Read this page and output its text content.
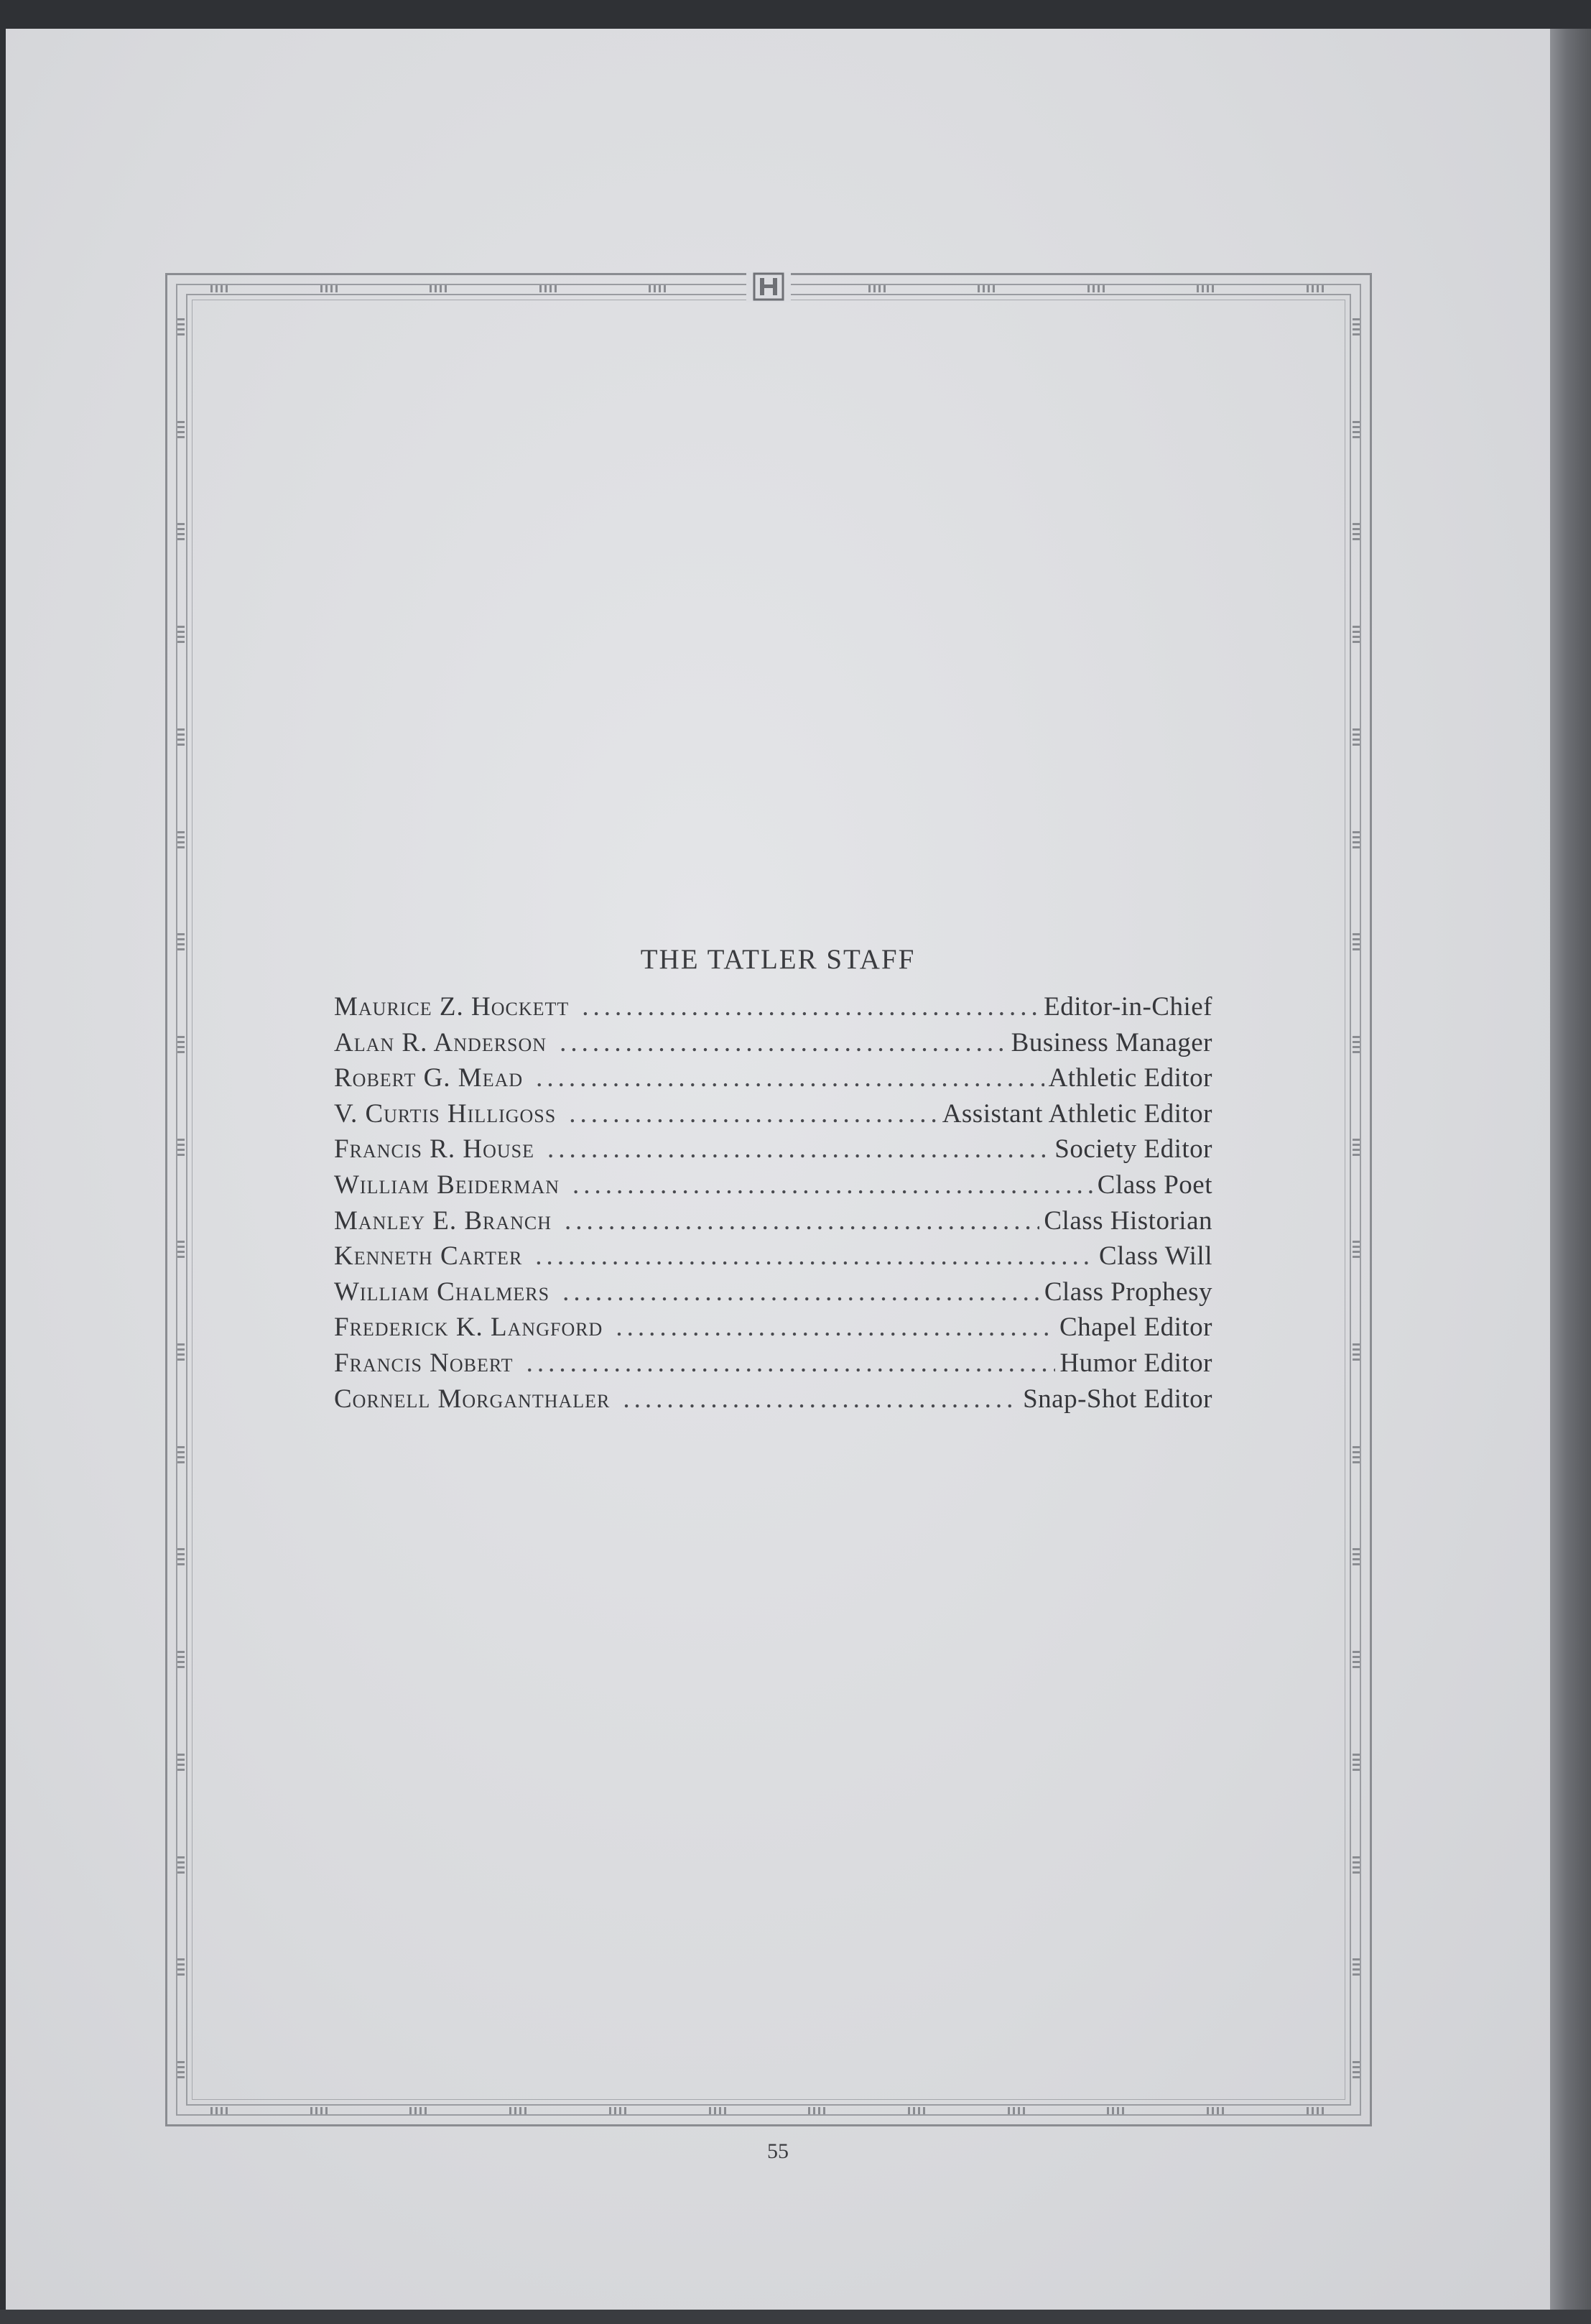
THE TATLER STAFF
Maurice Z. Hockett .....	Editor-in-Chief
Alan R. Anderson .....	Business Manager
Robert G. Mead .....	Athletic Editor
V. Curtis Hilligoss .....	Assistant Athletic Editor
Francis R. House .....	Society Editor
William Beiderman .....	Class Poet
Manley E. Branch .....	Class Historian
Kenneth Carter .....	Class Will
William Chalmers .....	Class Prophesy
Frederick K. Langford .....	Chapel Editor
Francis Nobert .....	Humor Editor
Cornell Morganthaler .....	Snap-Shot Editor
55
